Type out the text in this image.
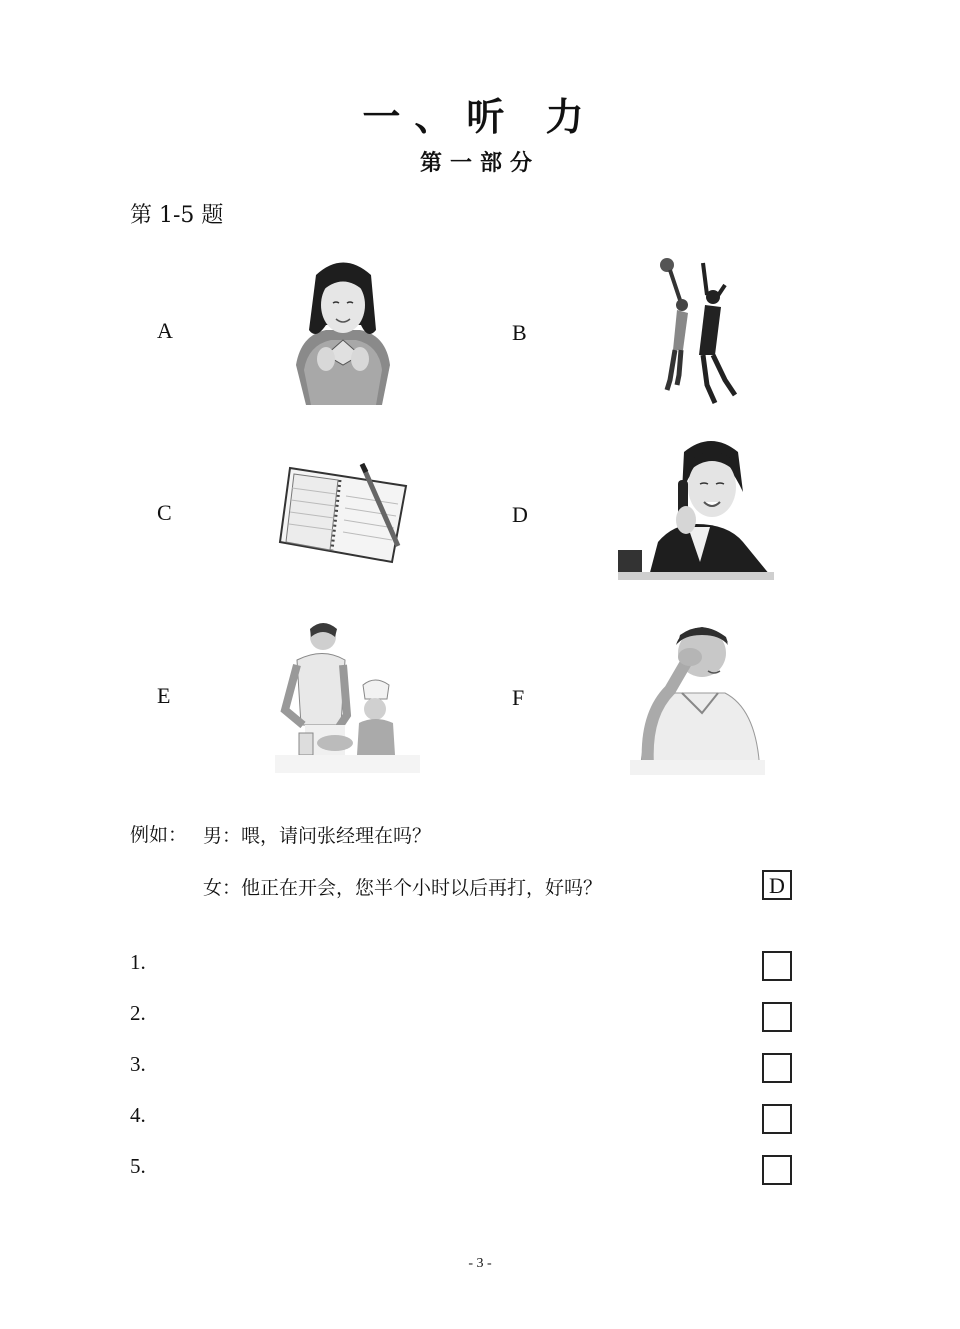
一、听 力
第一部分
第 1-5 题
A	B
C	D
E	F
例如： 男：喂，请问张经理在吗？
女：他正在开会，您半个小时以后再打，好吗？	D
1.
2.
3.
4.
5.
- 3 -
